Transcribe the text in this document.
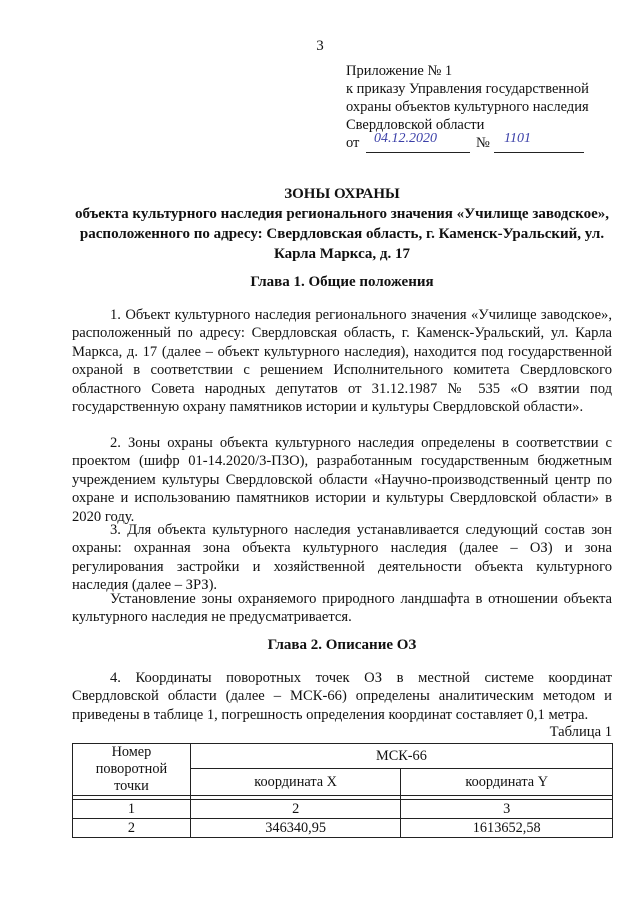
3
Приложение № 1
к приказу Управления государственной
охраны объектов культурного наследия
Свердловской области
от 04.12.2020	№ 1101
ЗОНЫ ОХРАНЫ
объекта культурного наследия регионального значения «Училище заводское», расположенного по адресу: Свердловская область, г. Каменск-Уральский, ул. Карла Маркса, д. 17
Глава 1. Общие положения

1. Объект культурного наследия регионального значения «Училище заводское», расположенный по адресу: Свердловская область, г. Каменск-Уральский, ул. Карла Маркса, д. 17 (далее – объект культурного наследия), находится под государственной охраной в соответствии с решением Исполнительного комитета Свердловского областного Совета народных депутатов от 31.12.1987 № 535 «О взятии под государственную охрану памятников истории и культуры Свердловской области».

2. Зоны охраны объекта культурного наследия определены в соответствии с проектом (шифр 01-14.2020/3-ПЗО), разработанным государственным бюджетным учреждением культуры Свердловской области «Научно-производственный центр по охране и использованию памятников истории и культуры Свердловской области» в 2020 году.

3. Для объекта культурного наследия устанавливается следующий состав зон охраны: охранная зона объекта культурного наследия (далее – ОЗ) и зона регулирования застройки и хозяйственной деятельности объекта культурного наследия (далее – ЗРЗ).

Установление зоны охраняемого природного ландшафта в отношении объекта культурного наследия не предусматривается.

Глава 2. Описание ОЗ

4. Координаты поворотных точек ОЗ в местной системе координат Свердловской области (далее – МСК-66) определены аналитическим методом и приведены в таблице 1, погрешность определения координат составляет 0,1 метра.

Таблица 1
Номер поворотной точки	МСК-66	
	координата X	координата Y

1	2	3
2	346340,95	1613652,58
